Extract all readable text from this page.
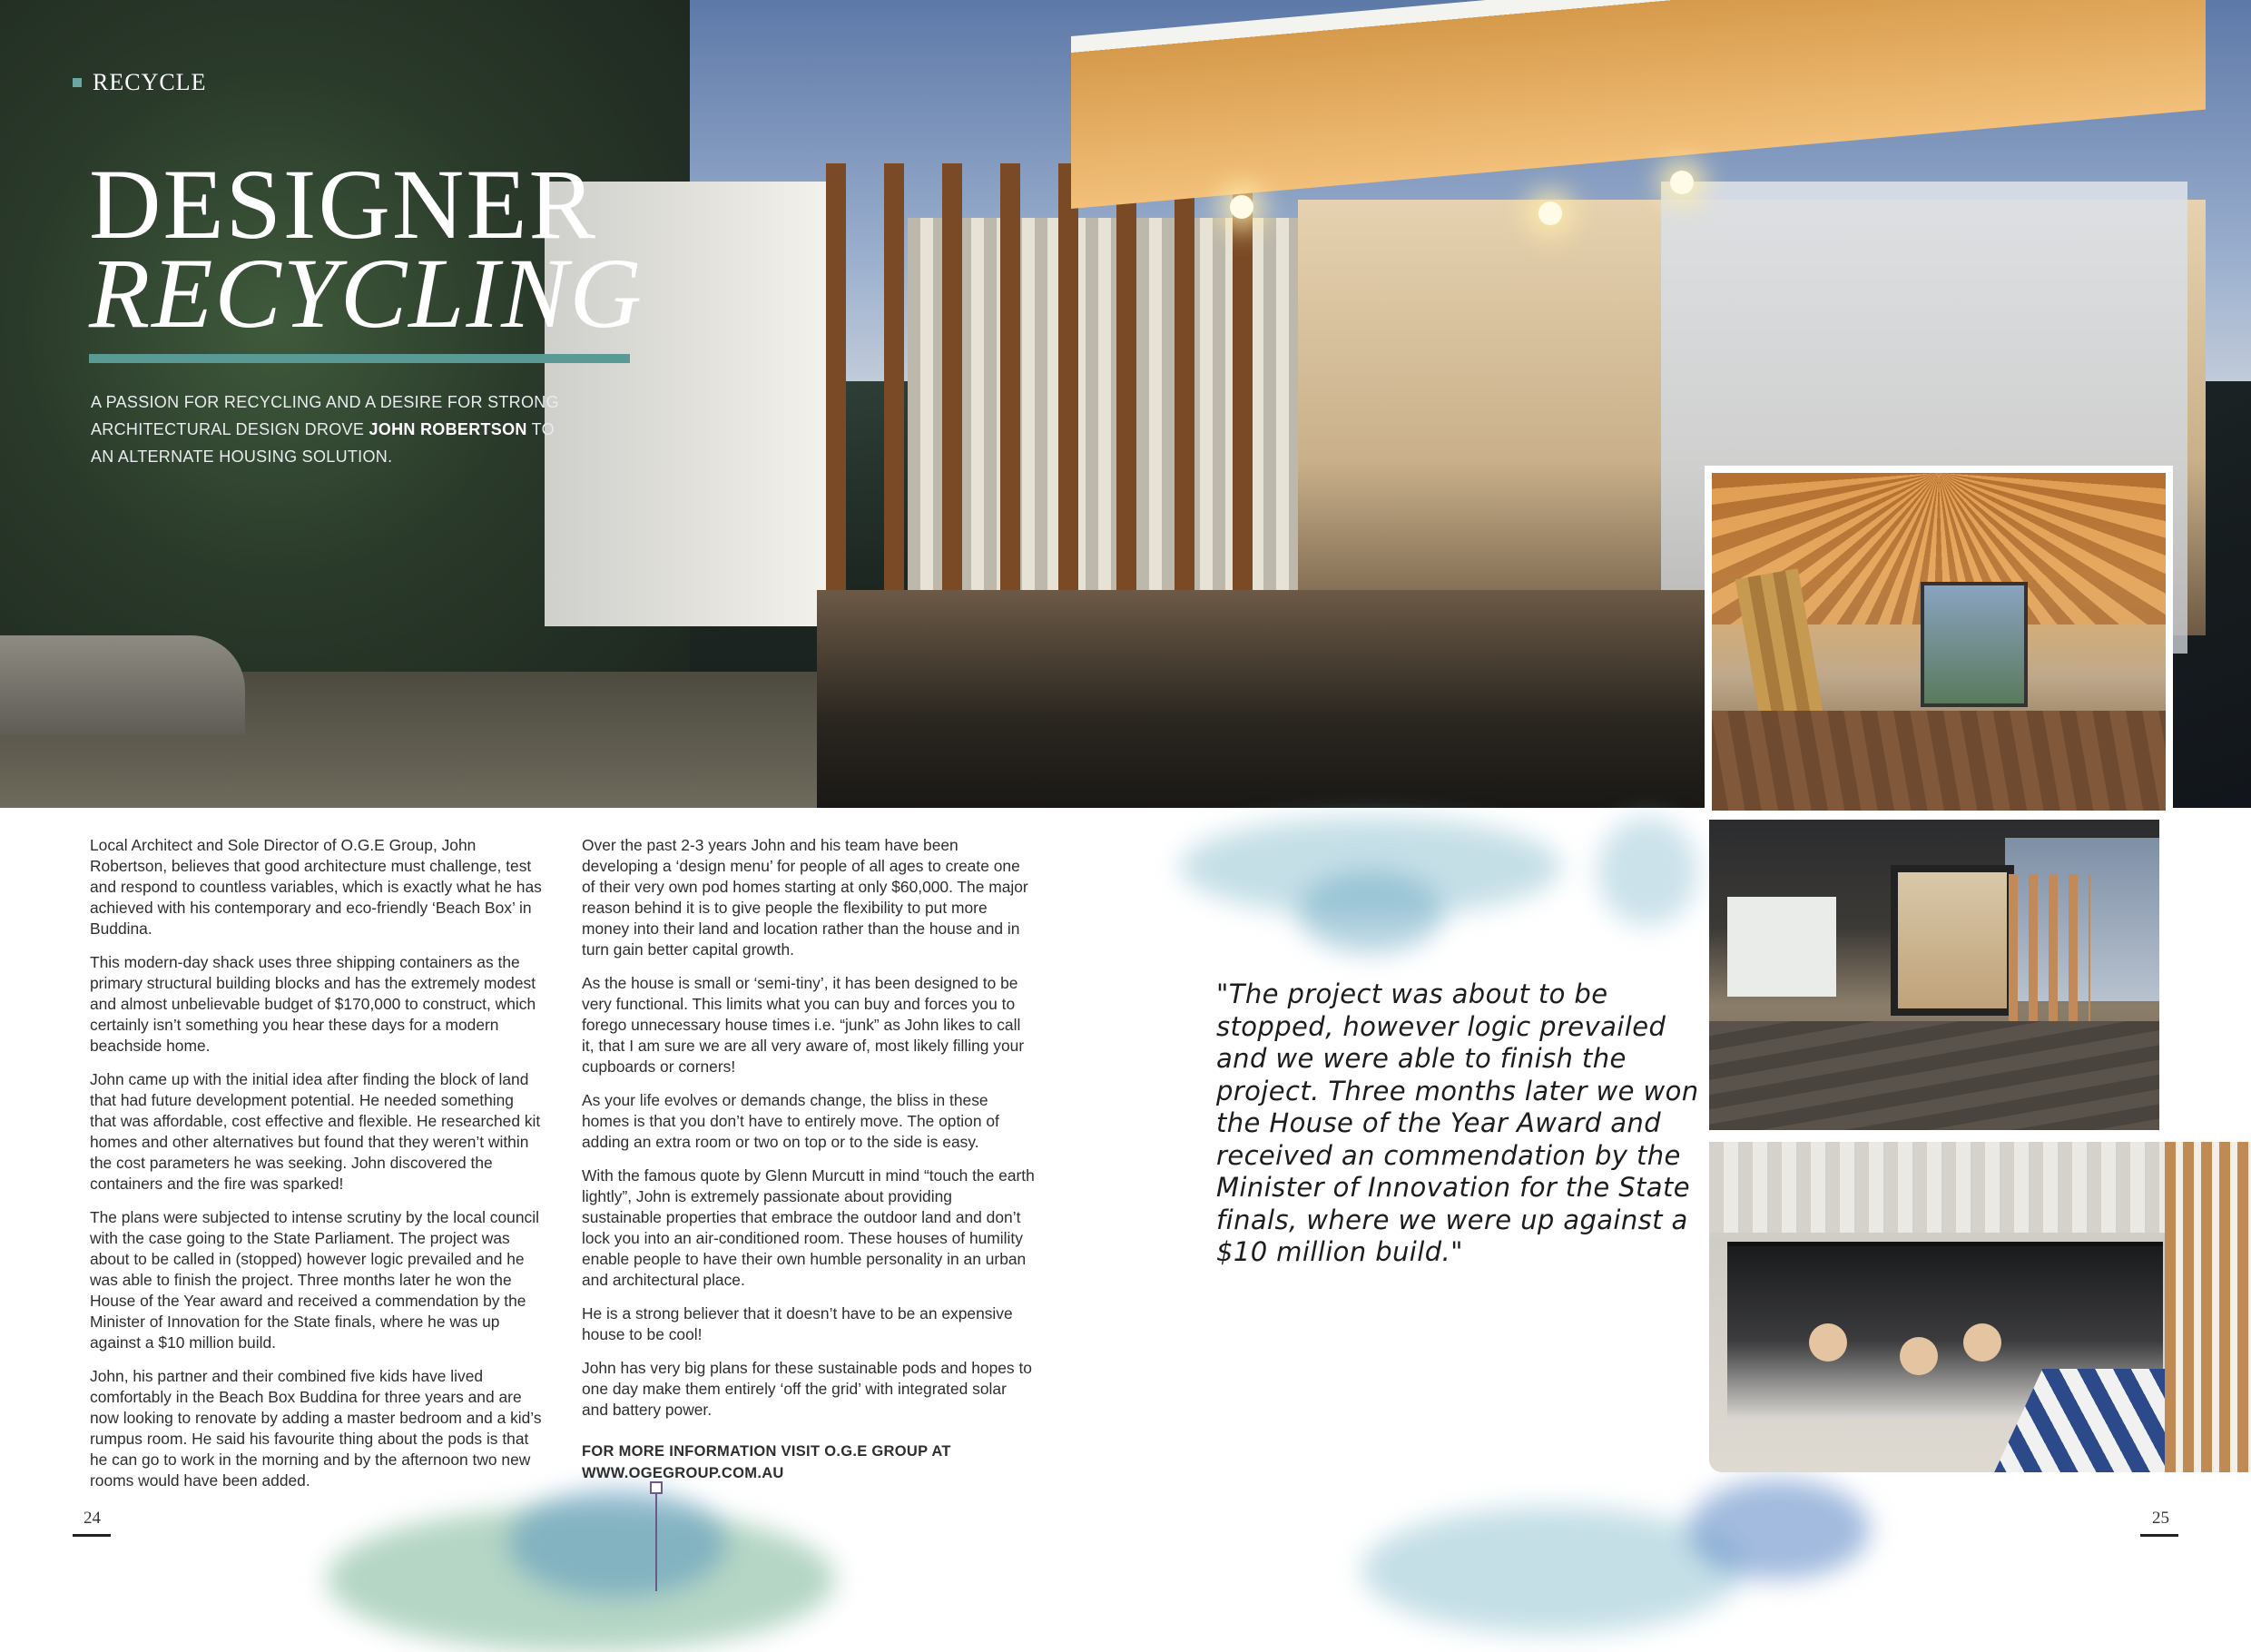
RECYCLE
DESIGNER
RECYCLING
A PASSION FOR RECYCLING AND A DESIRE FOR STRONG ARCHITECTURAL DESIGN DROVE JOHN ROBERTSON TO AN ALTERNATE HOUSING SOLUTION.

Local Architect and Sole Director of O.G.E Group, John Robertson, believes that good architecture must challenge, test and respond to countless variables, which is exactly what he has achieved with his contemporary and eco-friendly ‘Beach Box’ in Buddina.

This modern-day shack uses three shipping containers as the primary structural building blocks and has the extremely modest and almost unbelievable budget of $170,000 to construct, which certainly isn’t something you hear these days for a modern beachside home.

John came up with the initial idea after finding the block of land that had future development potential. He needed something that was affordable, cost effective and flexible. He researched kit homes and other alternatives but found that they weren’t within the cost parameters he was seeking. John discovered the containers and the fire was sparked!

The plans were subjected to intense scrutiny by the local council with the case going to the State Parliament. The project was about to be called in (stopped) however logic prevailed and he was able to finish the project. Three months later he won the House of the Year award and received a commendation by the Minister of Innovation for the State finals, where he was up against a $10 million build.

John, his partner and their combined five kids have lived comfortably in the Beach Box Buddina for three years and are now looking to renovate by adding a master bedroom and a kid’s rumpus room. He said his favourite thing about the pods is that he can go to work in the morning and by the afternoon two new rooms would have been added.

Over the past 2-3 years John and his team have been developing a ‘design menu’ for people of all ages to create one of their very own pod homes starting at only $60,000. The major reason behind it is to give people the flexibility to put more money into their land and location rather than the house and in turn gain better capital growth.

As the house is small or ‘semi-tiny’, it has been designed to be very functional. This limits what you can buy and forces you to forego unnecessary house times i.e. “junk” as John likes to call it, that I am sure we are all very aware of, most likely filling your cupboards or corners!

As your life evolves or demands change, the bliss in these homes is that you don’t have to entirely move. The option of adding an extra room or two on top or to the side is easy.

With the famous quote by Glenn Murcutt in mind “touch the earth lightly”, John is extremely passionate about providing sustainable properties that embrace the outdoor land and don’t lock you into an air-conditioned room. These houses of humility enable people to have their own humble personality in an urban and architectural place.

He is a strong believer that it doesn’t have to be an expensive house to be cool!

John has very big plans for these sustainable pods and hopes to one day make them entirely ‘off the grid’ with integrated solar and battery power.

FOR MORE INFORMATION VISIT O.G.E GROUP AT WWW.OGEGROUP.COM.AU

"The project was about to be stopped, however logic prevailed and we were able to finish the project. Three months later we won the House of the Year Award and received an commendation by the Minister of Innovation for the State finals, where we were up against a $10 million build."
24	25
